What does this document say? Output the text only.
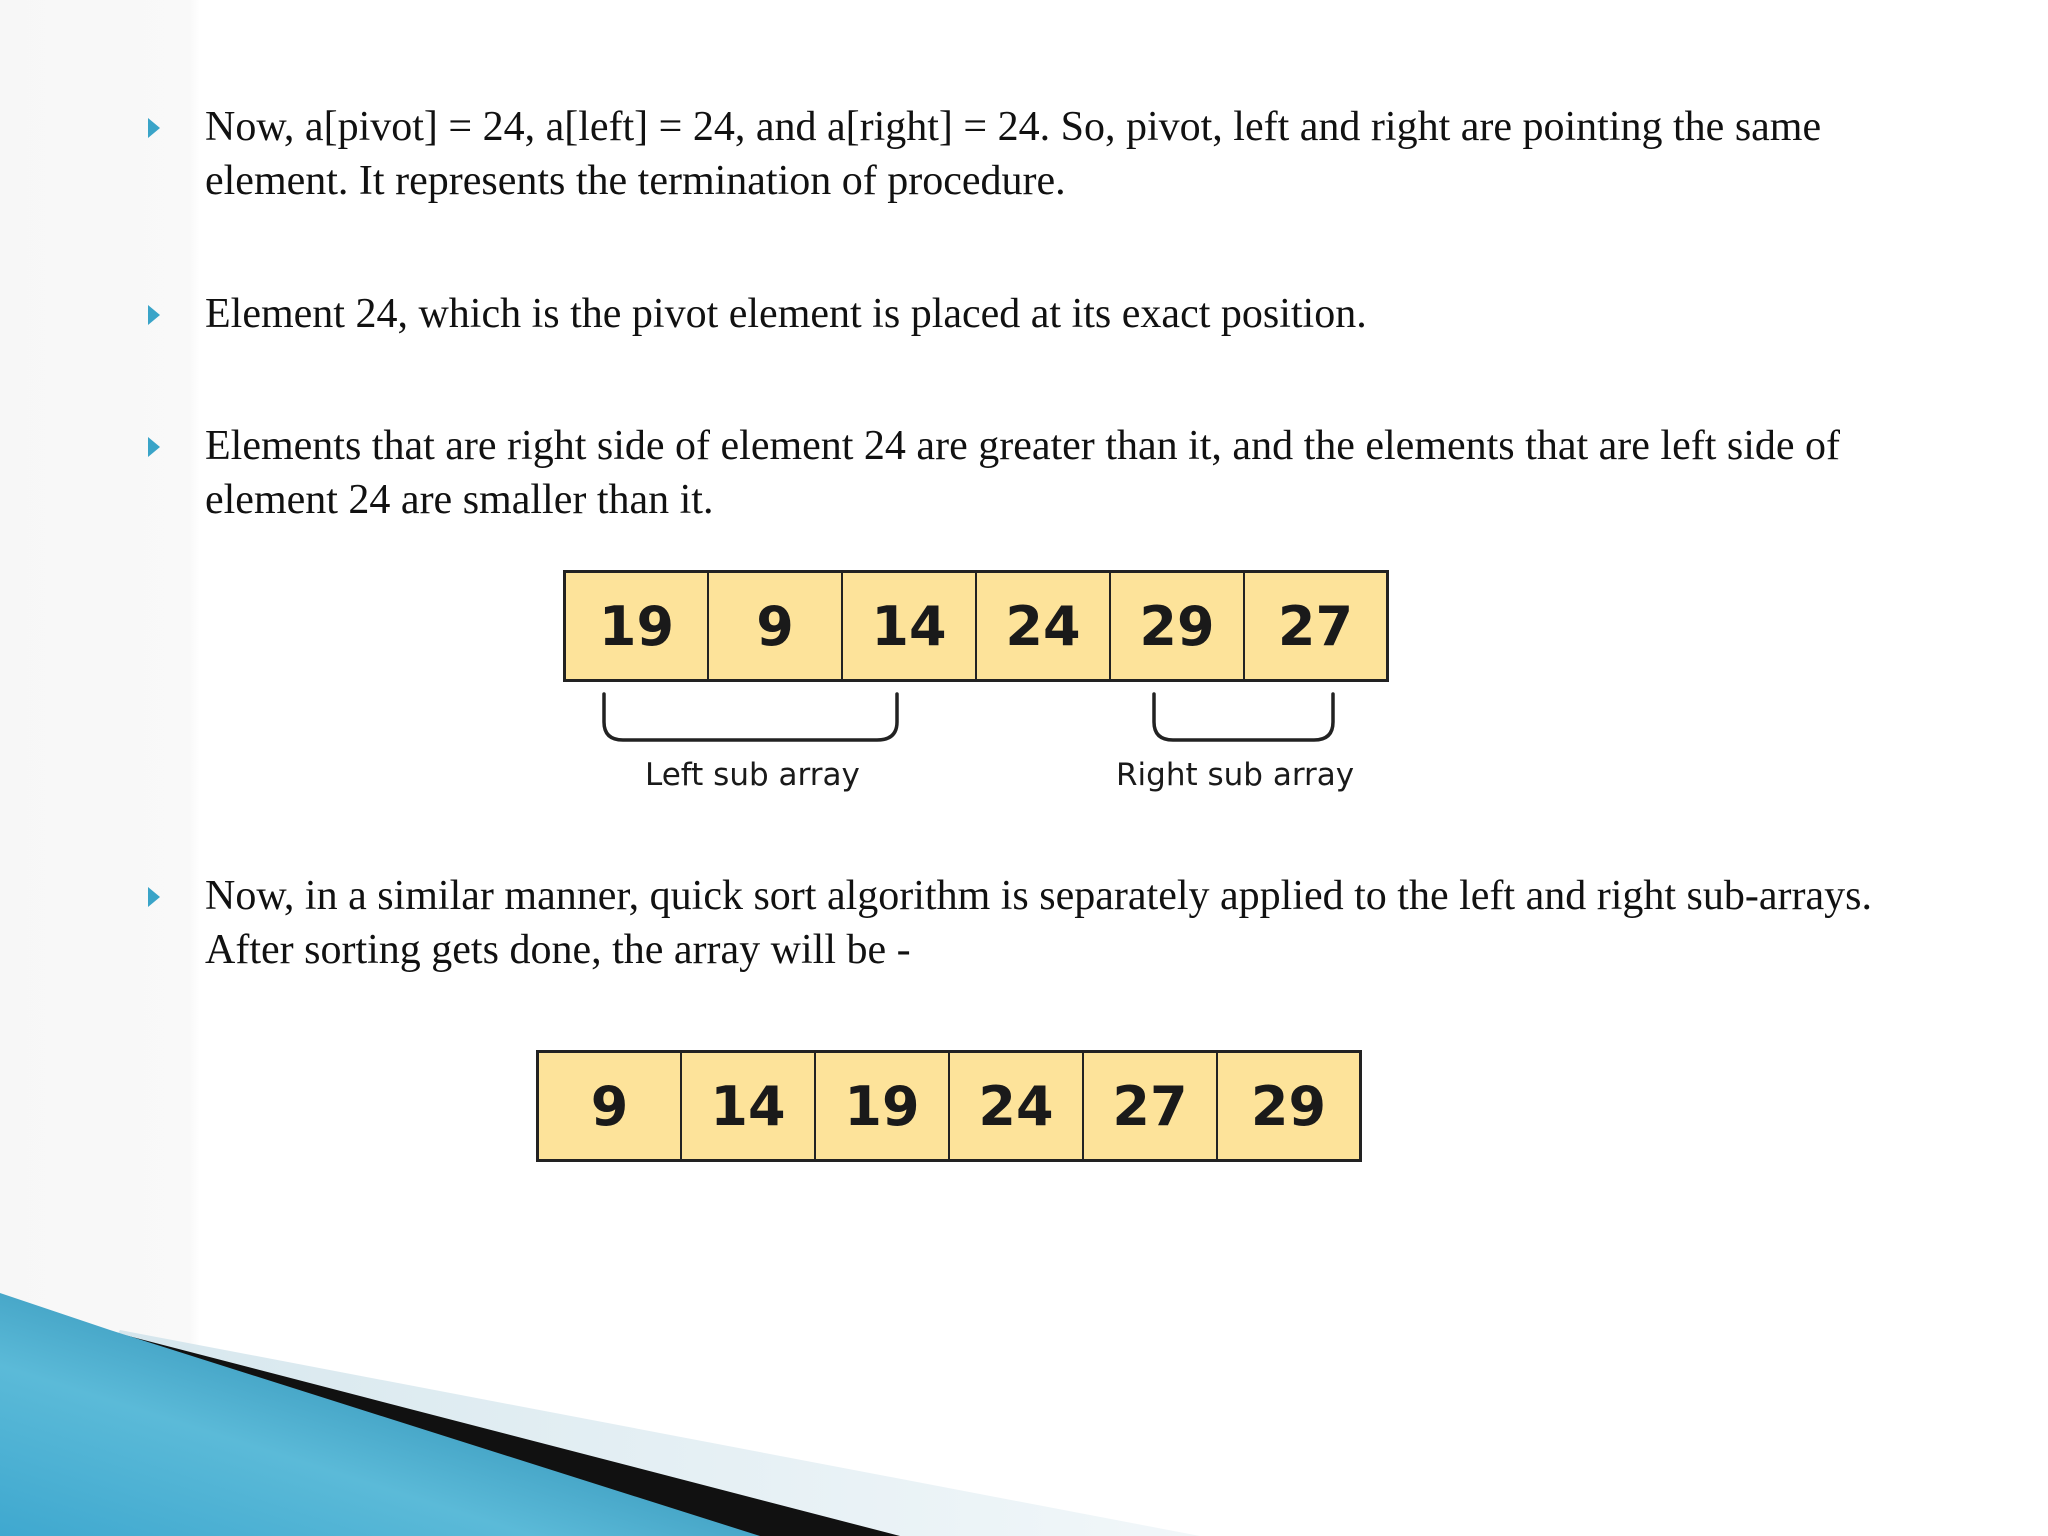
Now, a[pivot] = 24, a[left] = 24, and a[right] = 24. So, pivot, left and right are pointing the same element. It represents the termination of procedure.
Element 24, which is the pivot element is placed at its exact position.
Elements that are right side of element 24 are greater than it, and the elements that are left side of element 24 are smaller than it.
19	9	14	24	29	27
Left sub array	Right sub array
Now, in a similar manner, quick sort algorithm is separately applied to the left and right sub-arrays. After sorting gets done, the array will be -
9	14	19	24	27	29
